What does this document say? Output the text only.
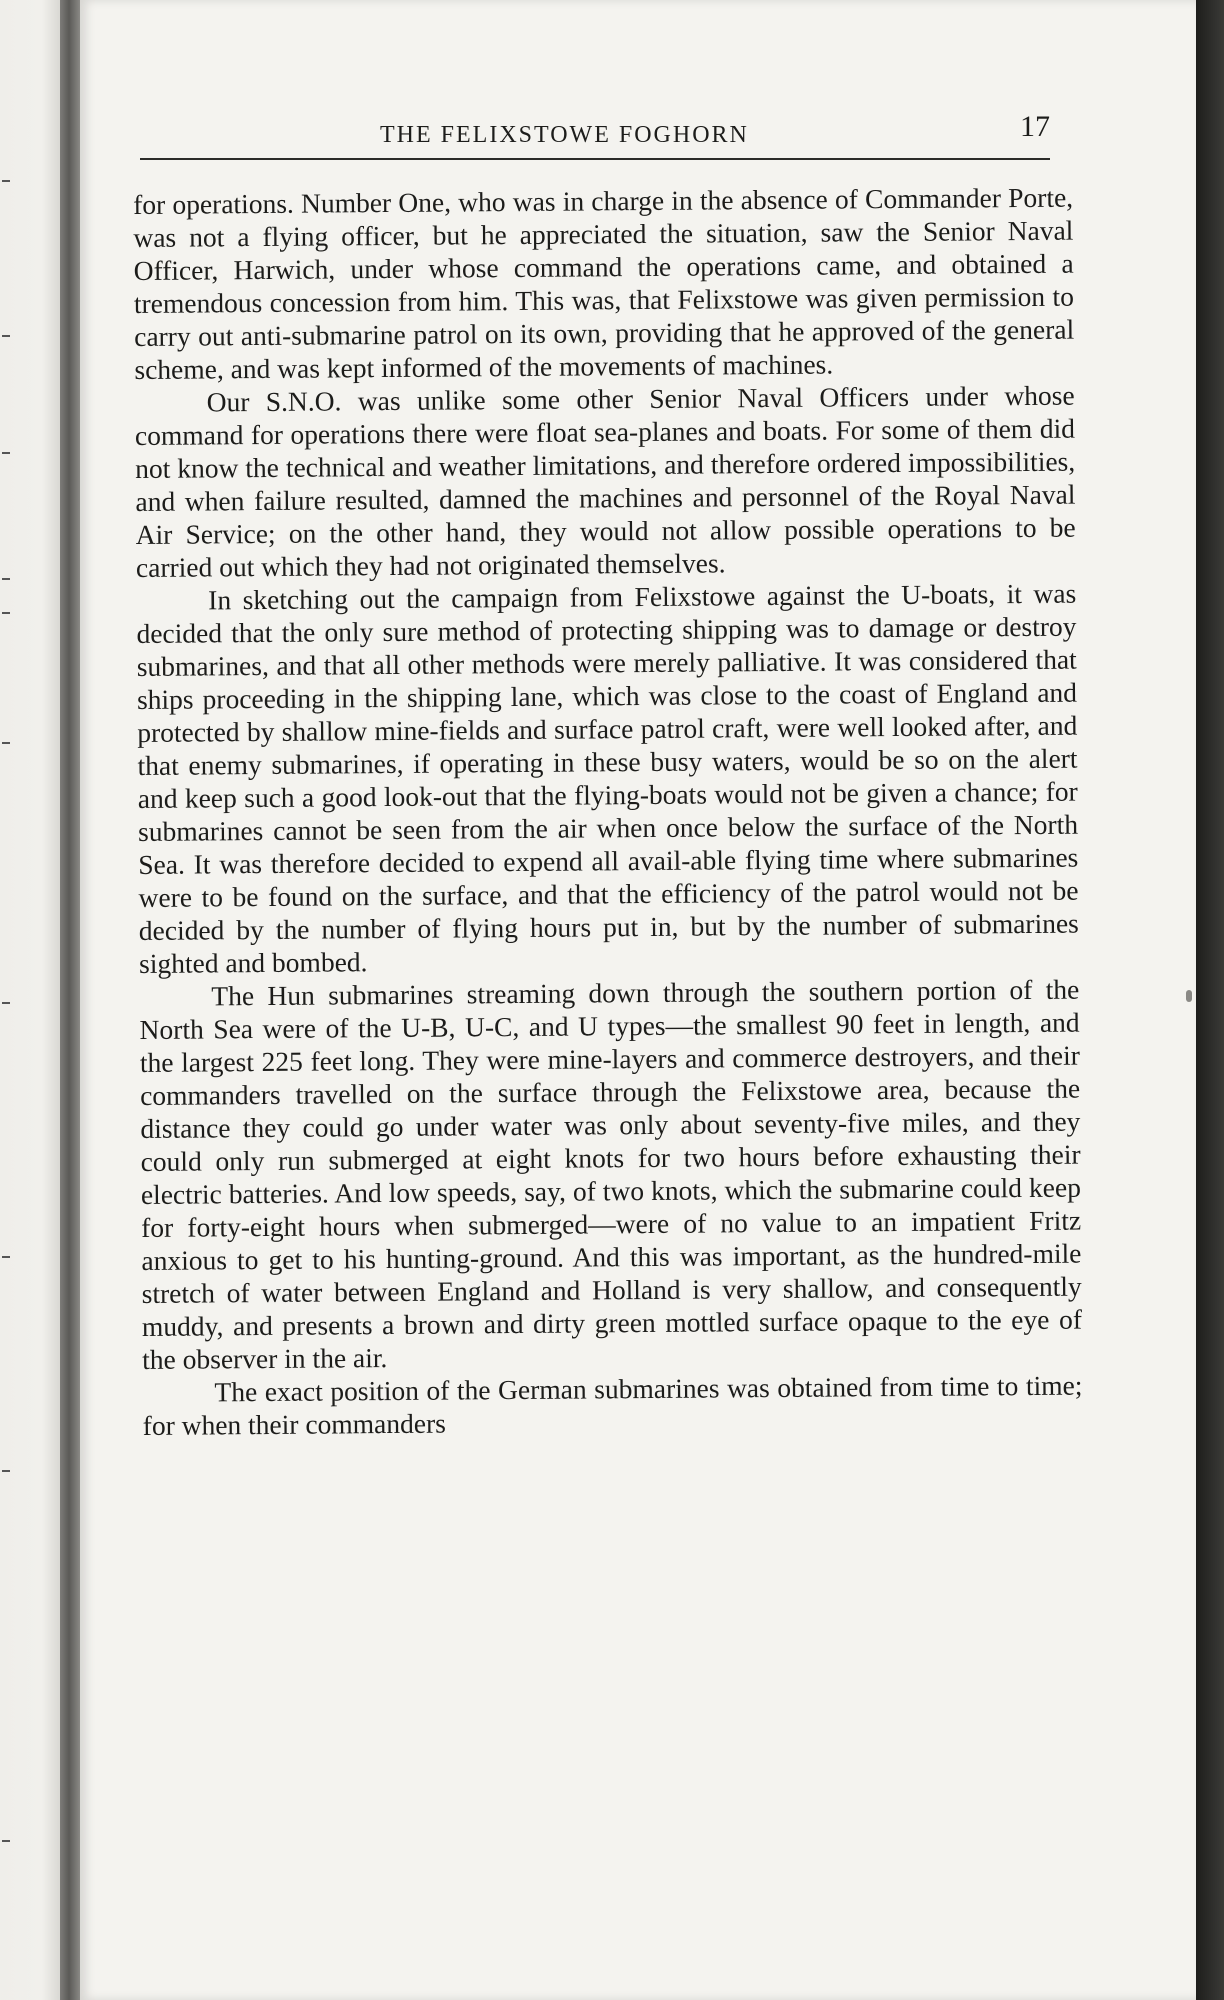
THE FELIXSTOWE FOGHORN	17

for operations. Number One, who was in charge in the absence of Commander Porte, was not a flying officer, but he appreciated the situation, saw the Senior Naval Officer, Harwich, under whose command the operations came, and obtained a tremendous concession from him. This was, that Felixstowe was given permission to carry out anti-submarine patrol on its own, providing that he approved of the general scheme, and was kept informed of the movements of machines.

Our S.N.O. was unlike some other Senior Naval Officers under whose command for operations there were float sea-planes and boats. For some of them did not know the technical and weather limitations, and therefore ordered impossibilities, and when failure resulted, damned the machines and personnel of the Royal Naval Air Service; on the other hand, they would not allow possible operations to be carried out which they had not originated themselves.

In sketching out the campaign from Felixstowe against the U-boats, it was decided that the only sure method of protecting shipping was to damage or destroy submarines, and that all other methods were merely palliative. It was considered that ships proceeding in the shipping lane, which was close to the coast of England and protected by shallow mine-fields and surface patrol craft, were well looked after, and that enemy submarines, if operating in these busy waters, would be so on the alert and keep such a good look-out that the flying-boats would not be given a chance; for submarines cannot be seen from the air when once below the surface of the North Sea. It was therefore decided to expend all avail-able flying time where submarines were to be found on the surface, and that the efficiency of the patrol would not be decided by the number of flying hours put in, but by the number of submarines sighted and bombed.

The Hun submarines streaming down through the southern portion of the North Sea were of the U-B, U-C, and U types—the smallest 90 feet in length, and the largest 225 feet long. They were mine-layers and commerce destroyers, and their commanders travelled on the surface through the Felixstowe area, because the distance they could go under water was only about seventy-five miles, and they could only run submerged at eight knots for two hours before exhausting their electric batteries. And low speeds, say, of two knots, which the submarine could keep for forty-eight hours when submerged—were of no value to an impatient Fritz anxious to get to his hunting-ground. And this was important, as the hundred-mile stretch of water between England and Holland is very shallow, and consequently muddy, and presents a brown and dirty green mottled surface opaque to the eye of the observer in the air.

The exact position of the German submarines was obtained from time to time; for when their commanders
